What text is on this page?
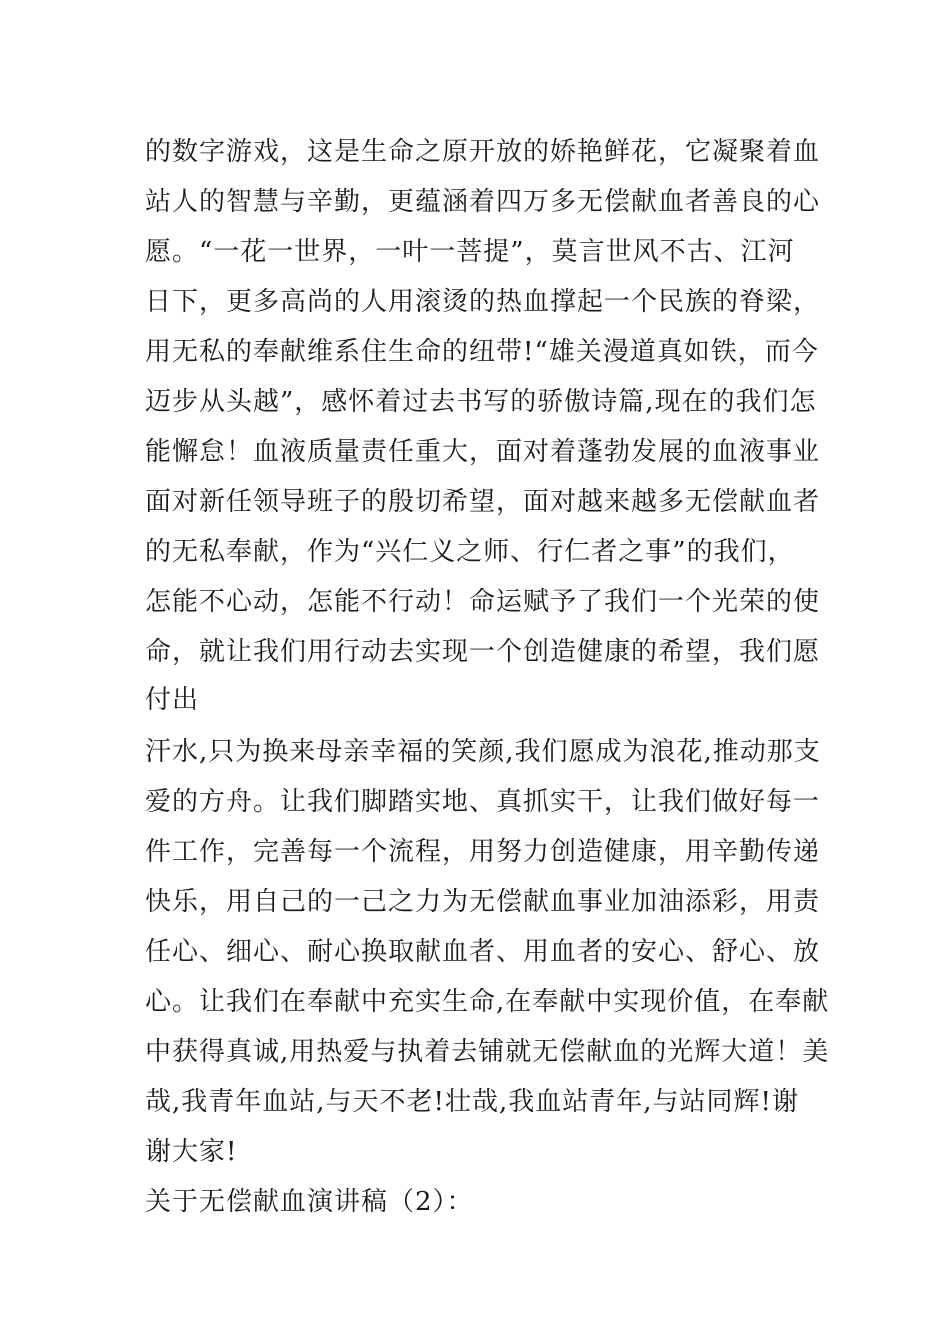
的数字游戏，这是生命之原开放的娇艳鲜花，它凝聚着血
站人的智慧与辛勤，更蕴涵着四万多无偿献血者善良的心
愿。“一花一世界，一叶一菩提”，莫言世风不古、江河
日下，更多高尚的人用滚烫的热血撑起一个民族的脊梁，
用无私的奉献维系住生命的纽带!“雄关漫道真如铁，而今
迈步从头越”，感怀着过去书写的骄傲诗篇,现在的我们怎
能懈怠！血液质量责任重大，面对着蓬勃发展的血液事业
面对新任领导班子的殷切希望，面对越来越多无偿献血者
的无私奉献，作为“兴仁义之师、行仁者之事”的我们，
怎能不心动，怎能不行动！命运赋予了我们一个光荣的使
命，就让我们用行动去实现一个创造健康的希望，我们愿
付出
汗水,只为换来母亲幸福的笑颜,我们愿成为浪花,推动那支
爱的方舟。让我们脚踏实地、真抓实干，让我们做好每一
件工作，完善每一个流程，用努力创造健康，用辛勤传递
快乐，用自己的一己之力为无偿献血事业加油添彩，用责
任心、细心、耐心换取献血者、用血者的安心、舒心、放
心。让我们在奉献中充实生命,在奉献中实现价值，在奉献
中获得真诚,用热爱与执着去铺就无偿献血的光辉大道！美
哉,我青年血站,与天不老!壮哉,我血站青年,与站同辉!谢
谢大家!
关于无偿献血演讲稿（2）：
